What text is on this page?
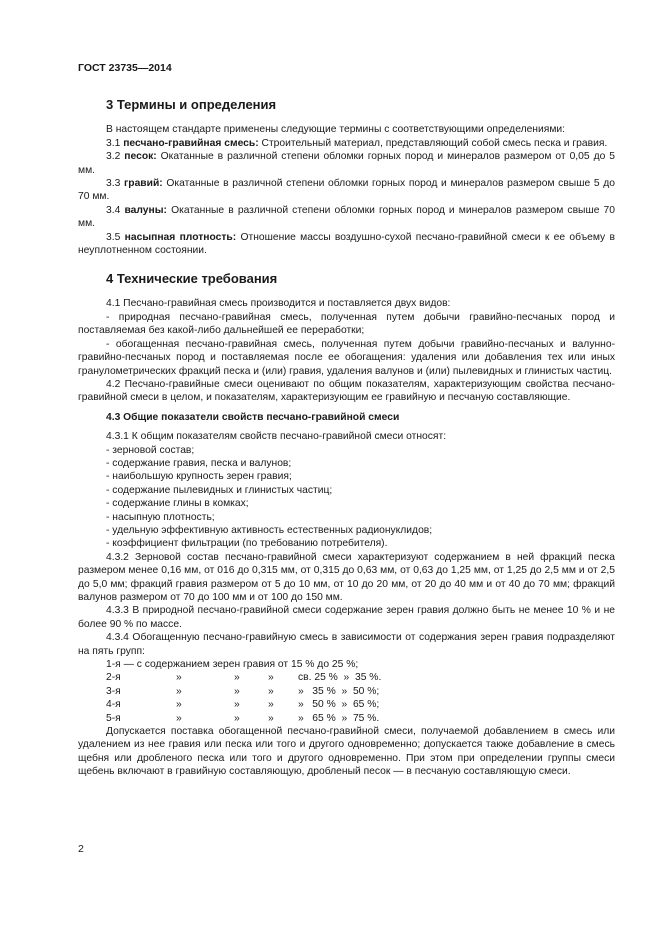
ГОСТ 23735—2014
3 Термины и определения

В настоящем стандарте применены следующие термины с соответствующими определениями:

3.1 песчано-гравийная смесь: Строительный материал, представляющий собой смесь песка и гравия.

3.2 песок: Окатанные в различной степени обломки горных пород и минералов размером от 0,05 до 5 мм.

3.3 гравий: Окатанные в различной степени обломки горных пород и минералов размером свыше 5 до 70 мм.

3.4 валуны: Окатанные в различной степени обломки горных пород и минералов размером свыше 70 мм.

3.5 насыпная плотность: Отношение массы воздушно-сухой песчано-гравийной смеси к ее объему в неуплотненном состоянии.

4 Технические требования

4.1 Песчано-гравийная смесь производится и поставляется двух видов:

- природная песчано-гравийная смесь, полученная путем добычи гравийно-песчаных пород и поставляемая без какой-либо дальнейшей ее переработки;

- обогащенная песчано-гравийная смесь, полученная путем добычи гравийно-песчаных и валунно-гравийно-песчаных пород и поставляемая после ее обогащения: удаления или добавления тех или иных гранулометрических фракций песка и (или) гравия, удаления валунов и (или) пылевидных и глинистых частиц.

4.2 Песчано-гравийные смеси оценивают по общим показателям, характеризующим свойства песчано-гравийной смеси в целом, и показателям, характеризующим ее гравийную и песчаную составляющие.

4.3 Общие показатели свойств песчано-гравийной смеси

4.3.1 К общим показателям свойств песчано-гравийной смеси относят:

- зерновой состав;
- содержание гравия, песка и валунов;
- наибольшую крупность зерен гравия;
- содержание пылевидных и глинистых частиц;
- содержание глины в комках;
- насыпную плотность;
- удельную эффективную активность естественных радионуклидов;
- коэффициент фильтрации (по требованию потребителя).

4.3.2 Зерновой состав песчано-гравийной смеси характеризуют содержанием в ней фракций песка размером менее 0,16 мм, от 016 до 0,315 мм, от 0,315 до 0,63 мм, от 0,63 до 1,25 мм, от 1,25 до 2,5 мм и от 2,5 до 5,0 мм; фракций гравия размером от 5 до 10 мм, от 10 до 20 мм, от 20 до 40 мм и от 40 до 70 мм; фракций валунов размером от 70 до 100 мм и от 100 до 150 мм.

4.3.3 В природной песчано-гравийной смеси содержание зерен гравия должно быть не менее 10 % и не более 90 % по массе.

4.3.4 Обогащенную песчано-гравийную смесь в зависимости от содержания зерен гравия подразделяют на пять групп:

1-я — с содержанием зерен гравия от 15 % до 25 %;				
2-я	»	»	»	св. 25 %  »  35 %.
3-я	»	»	»	»   35 %  »  50 %;
4-я	»	»	»	»   50 %  »  65 %;
5-я	»	»	»	»   65 %  »  75 %.

Допускается поставка обогащенной песчано-гравийной смеси, получаемой добавлением в смесь или удалением из нее гравия или песка или того и другого одновременно; допускается также добавление в смесь щебня или дробленого песка или того и другого одновременно. При этом при определении группы смеси щебень включают в гравийную составляющую, дробленый песок — в песчаную составляющую смеси.

2
